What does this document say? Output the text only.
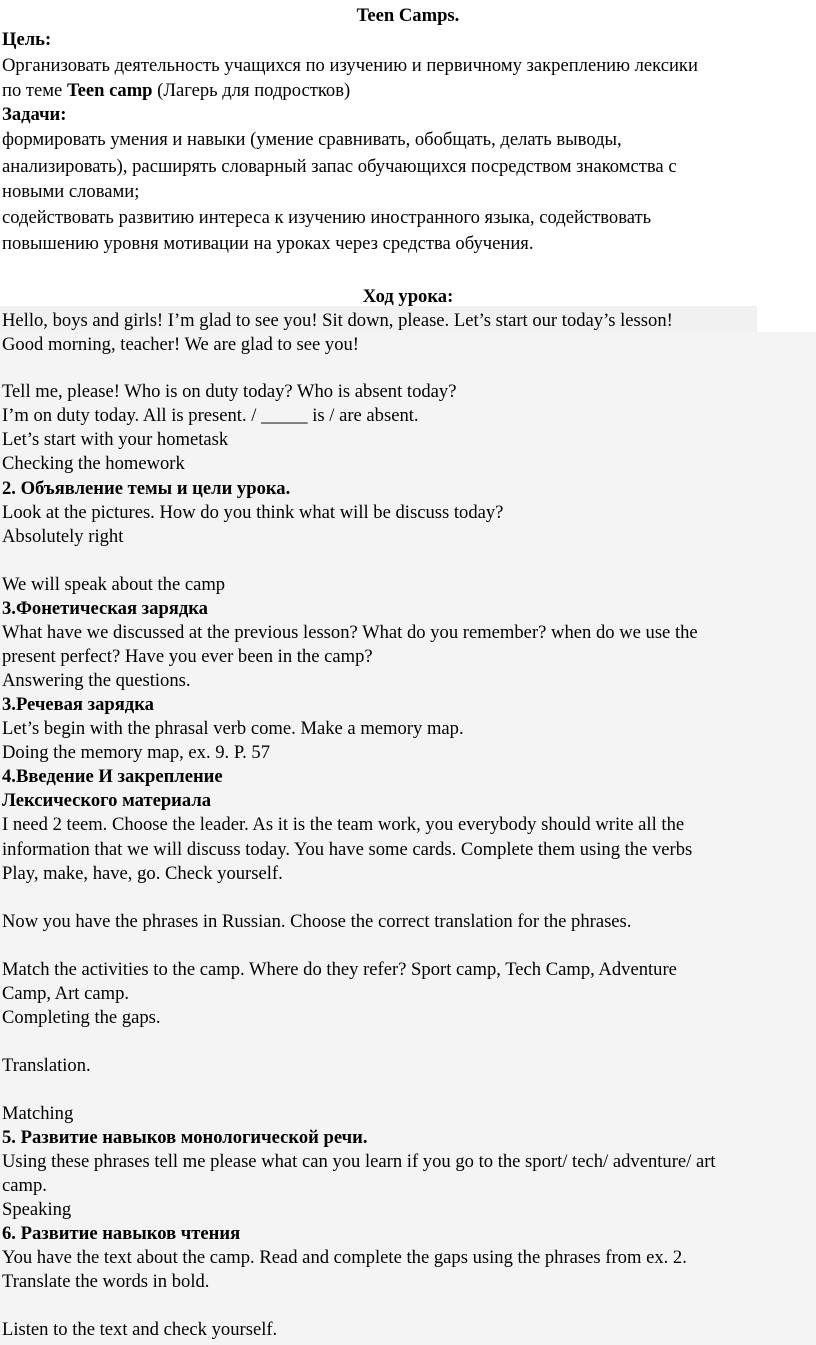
Teen Camps.
Цель:
Организовать деятельность учащихся по изучению и первичному закреплению лексики
по теме Teen camp (Лагерь для подростков)
Задачи:
формировать умения и навыки (умение сравнивать, обобщать, делать выводы,
анализировать), расширять словарный запас обучающихся посредством знакомства с
новыми словами;
содействовать развитию интереса к изучению иностранного языка, содействовать
повышению уровня мотивации на уроках через средства обучения.
Ход урока:
Hello, boys and girls! I’m glad to see you! Sit down, please. Let’s start our today’s lesson!
Good morning, teacher! We are glad to see you!
Tell me, please! Who is on duty today? Who is absent today?
I’m on duty today. All is present. / _____ is / are absent.
Let’s start with your hometask
Checking the homework
2. Объявление темы и цели урока.
Look at the pictures. How do you think what will be discuss today?
Absolutely right
We will speak about the camp
3.Фонетическая зарядка
What have we discussed at the previous lesson? What do you remember? when do we use the
present perfect? Have you ever been in the camp?
Answering the questions.
3.Речевая зарядка
Let’s begin with the phrasal verb come. Make a memory map.
Doing the memory map, ex. 9. P. 57
4.Введение И закрепление
Лексического материала
I need 2 teem. Choose the leader. As it is the team work, you everybody should write all the
information that we will discuss today. You have some cards. Complete them using the verbs
Play, make, have, go. Check yourself.
Now you have the phrases in Russian. Choose the correct translation for the phrases.
Match the activities to the camp. Where do they refer? Sport camp, Tech Camp, Adventure
Camp, Art camp.
Completing the gaps.
Translation.
Matching
5. Развитие навыков монологической речи.
Using these phrases tell me please what can you learn if you go to the sport/ tech/ adventure/ art
camp.
Speaking
6. Развитие навыков чтения
You have the text about the camp. Read and complete the gaps using the phrases from ex. 2.
Translate the words in bold.
Listen to the text and check yourself.
